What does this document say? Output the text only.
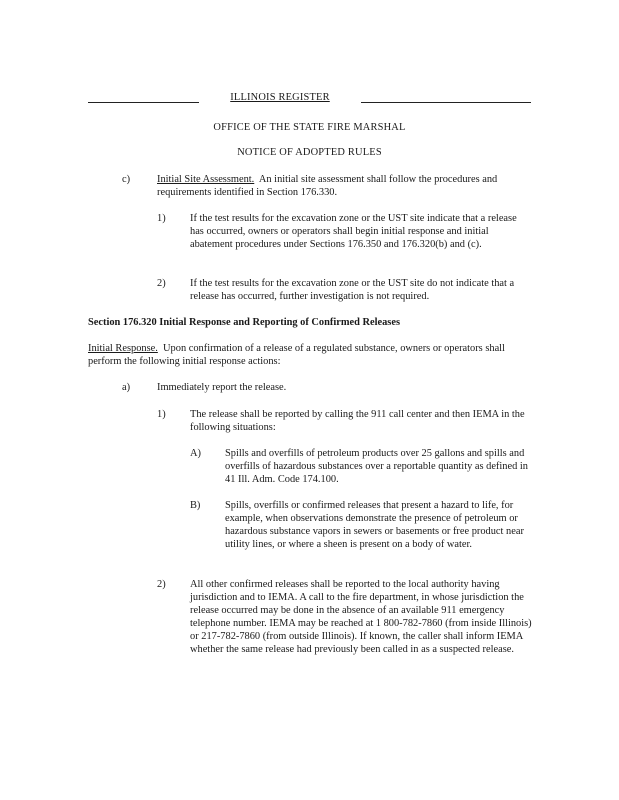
ILLINOIS REGISTER
OFFICE OF THE STATE FIRE MARSHAL
NOTICE OF ADOPTED RULES
c)	Initial Site Assessment. An initial site assessment shall follow the procedures and requirements identified in Section 176.330.
1) If the test results for the excavation zone or the UST site indicate that a release has occurred, owners or operators shall begin initial response and initial abatement procedures under Sections 176.350 and 176.320(b) and (c).
2) If the test results for the excavation zone or the UST site do not indicate that a release has occurred, further investigation is not required.
Section 176.320 Initial Response and Reporting of Confirmed Releases
Initial Response. Upon confirmation of a release of a regulated substance, owners or operators shall perform the following initial response actions:
a)	Immediately report the release.
1) The release shall be reported by calling the 911 call center and then IEMA in the following situations:
A) Spills and overfills of petroleum products over 25 gallons and spills and overfills of hazardous substances over a reportable quantity as defined in 41 Ill. Adm. Code 174.100.
B) Spills, overfills or confirmed releases that present a hazard to life, for example, when observations demonstrate the presence of petroleum or hazardous substance vapors in sewers or basements or free product near utility lines, or where a sheen is present on a body of water.
2) All other confirmed releases shall be reported to the local authority having jurisdiction and to IEMA. A call to the fire department, in whose jurisdiction the release occurred may be done in the absence of an available 911 emergency telephone number. IEMA may be reached at 1 800-782-7860 (from inside Illinois) or 217-782-7860 (from outside Illinois). If known, the caller shall inform IEMA whether the same release had previously been called in as a suspected release.
